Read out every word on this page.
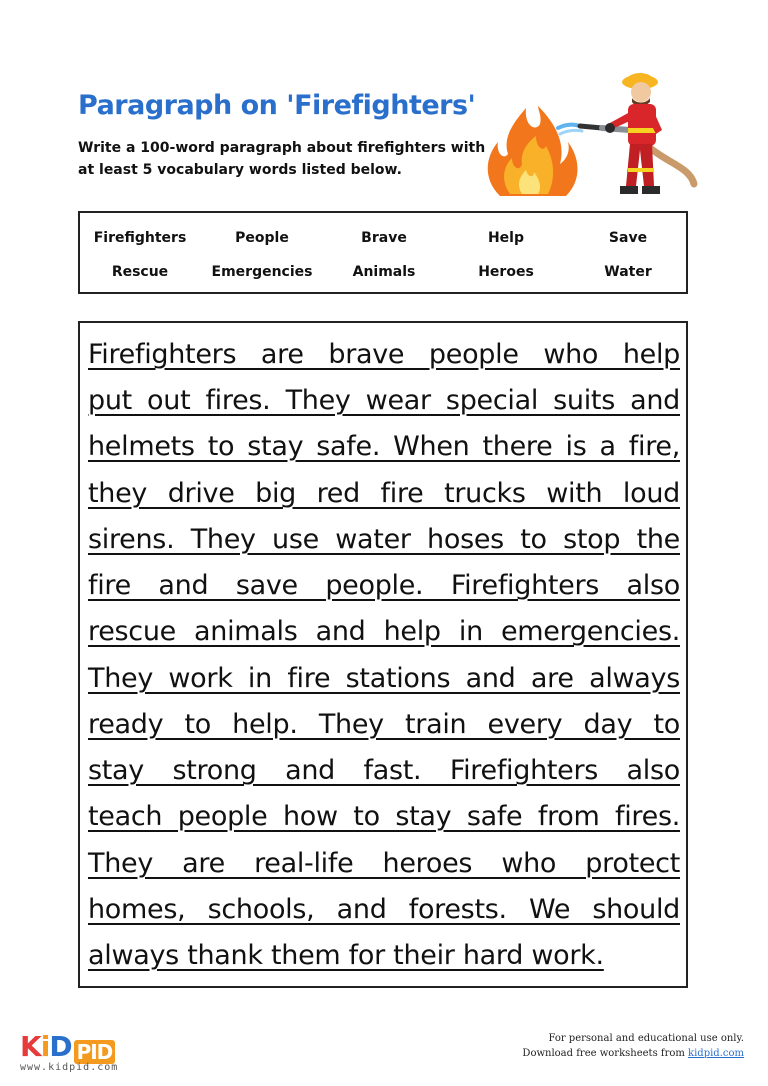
Paragraph on 'Firefighters'
Write a 100-word paragraph about firefighters with at least 5 vocabulary words listed below.
Firefighters	People	Brave	Help	Save
Rescue	Emergencies	Animals	Heroes	Water
Firefighters are brave people who help
put out fires. They wear special suits and
helmets to stay safe. When there is a fire,
they drive big red fire trucks with loud
sirens. They use water hoses to stop the
fire and save people. Firefighters also
rescue animals and help in emergencies.
They work in fire stations and are always
ready to help. They train every day to
stay strong and fast. Firefighters also
teach people how to stay safe from fires.
They are real-life heroes who protect
homes, schools, and forests. We should
always thank them for their hard work.
KiD PID
www.kidpid.com
For personal and educational use only.
Download free worksheets from kidpid.com
